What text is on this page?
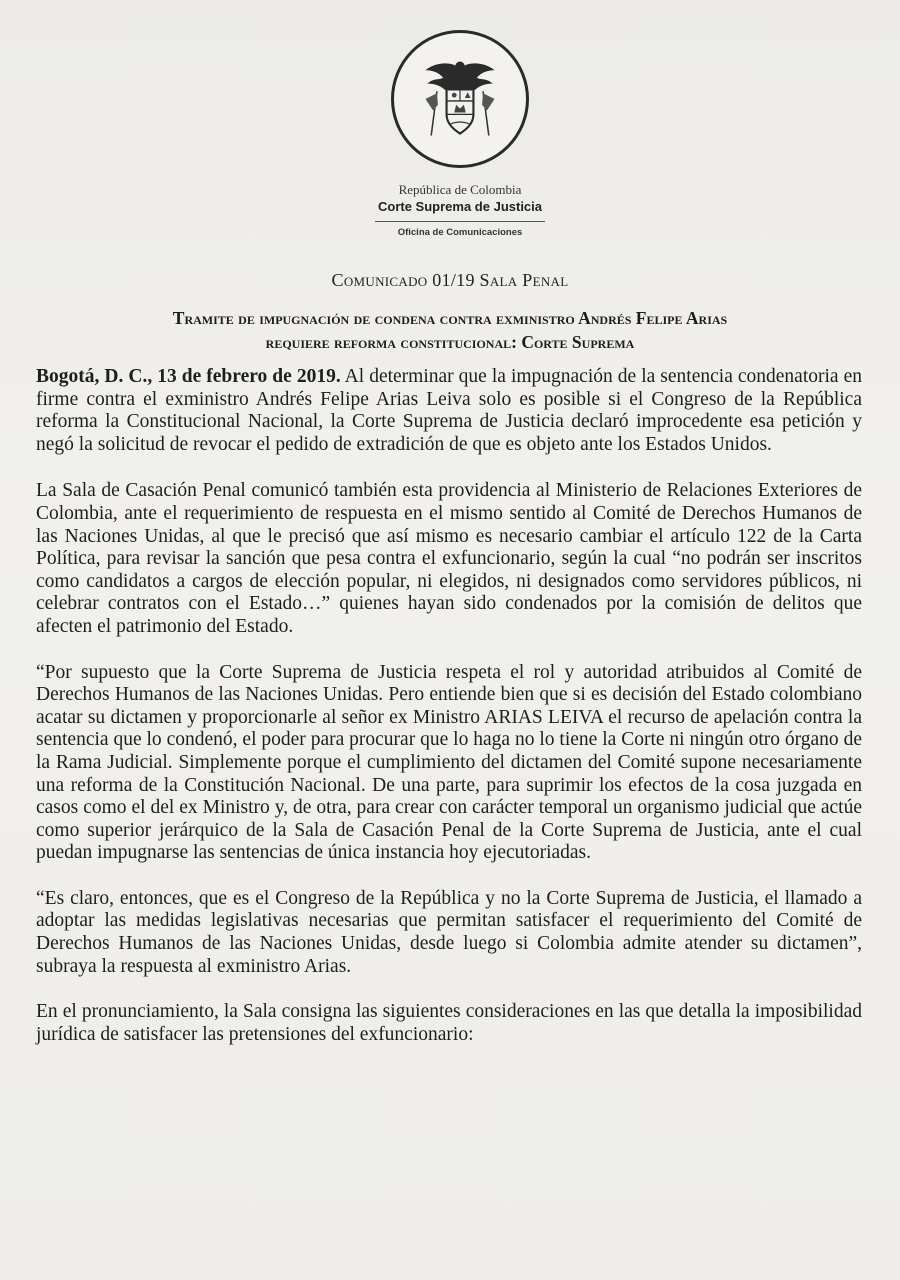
República de Colombia
Corte Suprema de Justicia
Oficina de Comunicaciones
Comunicado 01/19 Sala Penal
Tramite de impugnación de condena contra exministro Andrés Felipe Arias
requiere reforma constitucional: Corte Suprema

Bogotá, D. C., 13 de febrero de 2019. Al determinar que la impugnación de la sentencia condenatoria en firme contra el exministro Andrés Felipe Arias Leiva solo es posible si el Congreso de la República reforma la Constitucional Nacional, la Corte Suprema de Justicia declaró improcedente esa petición y negó la solicitud de revocar el pedido de extradición de que es objeto ante los Estados Unidos.

La Sala de Casación Penal comunicó también esta providencia al Ministerio de Relaciones Exteriores de Colombia, ante el requerimiento de respuesta en el mismo sentido al Comité de Derechos Humanos de las Naciones Unidas, al que le precisó que así mismo es necesario cambiar el artículo 122 de la Carta Política, para revisar la sanción que pesa contra el exfuncionario, según la cual “no podrán ser inscritos como candidatos a cargos de elección popular, ni elegidos, ni designados como servidores públicos, ni celebrar contratos con el Estado…” quienes hayan sido condenados por la comisión de delitos que afecten el patrimonio del Estado.

“Por supuesto que la Corte Suprema de Justicia respeta el rol y autoridad atribuidos al Comité de Derechos Humanos de las Naciones Unidas. Pero entiende bien que si es decisión del Estado colombiano acatar su dictamen y proporcionarle al señor ex Ministro ARIAS LEIVA el recurso de apelación contra la sentencia que lo condenó, el poder para procurar que lo haga no lo tiene la Corte ni ningún otro órgano de la Rama Judicial. Simplemente porque el cumplimiento del dictamen del Comité supone necesariamente una reforma de la Constitución Nacional. De una parte, para suprimir los efectos de la cosa juzgada en casos como el del ex Ministro y, de otra, para crear con carácter temporal un organismo judicial que actúe como superior jerárquico de la Sala de Casación Penal de la Corte Suprema de Justicia, ante el cual puedan impugnarse las sentencias de única instancia hoy ejecutoriadas.

“Es claro, entonces, que es el Congreso de la República y no la Corte Suprema de Justicia, el llamado a adoptar las medidas legislativas necesarias que permitan satisfacer el requerimiento del Comité de Derechos Humanos de las Naciones Unidas, desde luego si Colombia admite atender su dictamen”, subraya la respuesta al exministro Arias.

En el pronunciamiento, la Sala consigna las siguientes consideraciones en las que detalla la imposibilidad jurídica de satisfacer las pretensiones del exfuncionario:
